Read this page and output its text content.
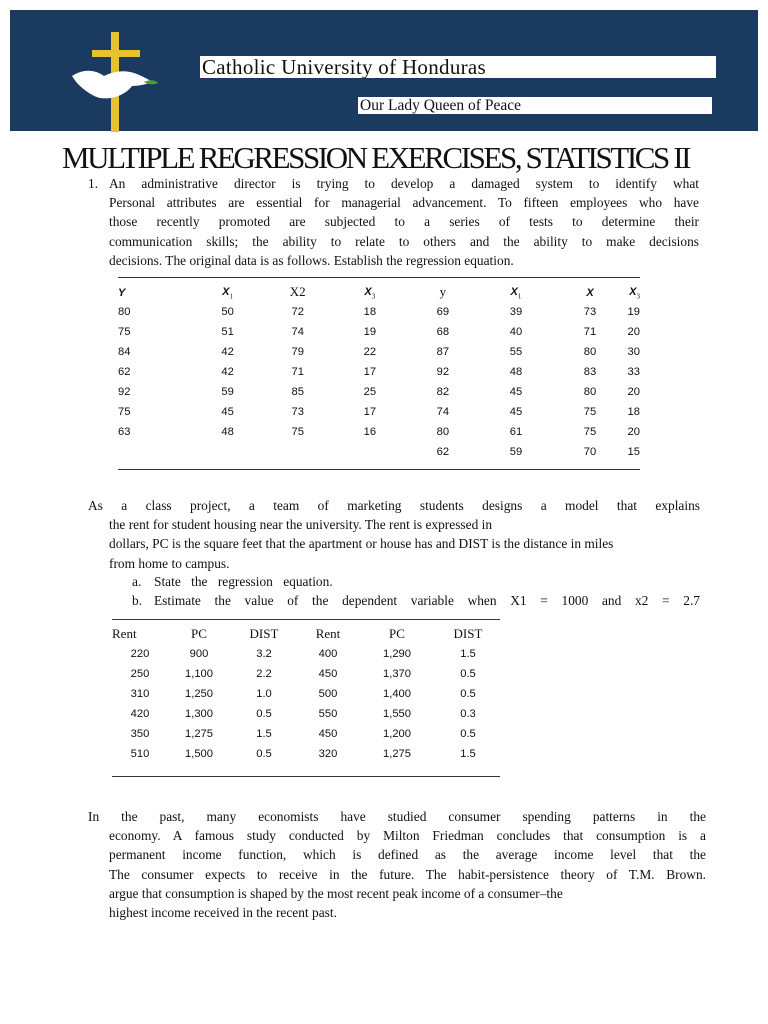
Catholic University of Honduras
Our Lady Queen of Peace
MULTIPLE REGRESSION EXERCISES, STATISTICS II
1. An administrative director is trying to develop a damaged system to identify what
Personal attributes are essential for managerial advancement. To fifteen employees who have
those recently promoted are subjected to a series of tests to determine their
communication skills; the ability to relate to others and the ability to make decisions
decisions. The original data is as follows. Establish the regression equation.
Y	$X_1$	X2	$X_3$	y	$X_1$	X	$X_3$
80	50	72	18	69	39	73	19
75	51	74	19	68	40	71	20
84	42	79	22	87	55	80	30
62	42	71	17	92	48	83	33
92	59	85	25	82	45	80	20
75	45	73	17	74	45	75	18
63	48	75	16	80	61	75	20
				62	59	70	15
As a class project, a team of marketing students designs a model that explains
the rent for student housing near the university. The rent is expressed in
dollars, PC is the square feet that the apartment or house has and DIST is the distance in miles
from home to campus.
a. State the regression equation.
b. Estimate the value of the dependent variable when X1 = 1000 and x2 = 2.7
Rent	PC	DIST	Rent	PC	DIST
220	900	3.2	400	1,290	1.5
250	1,100	2.2	450	1,370	0.5
310	1,250	1.0	500	1,400	0.5
420	1,300	0.5	550	1,550	0.3
350	1,275	1.5	450	1,200	0.5
510	1,500	0.5	320	1,275	1.5
In the past, many economists have studied consumer spending patterns in the
economy. A famous study conducted by Milton Friedman concludes that consumption is a
permanent income function, which is defined as the average income level that the
The consumer expects to receive in the future. The habit-persistence theory of T.M. Brown.
argue that consumption is shaped by the most recent peak income of a consumer–the
highest income received in the recent past.
